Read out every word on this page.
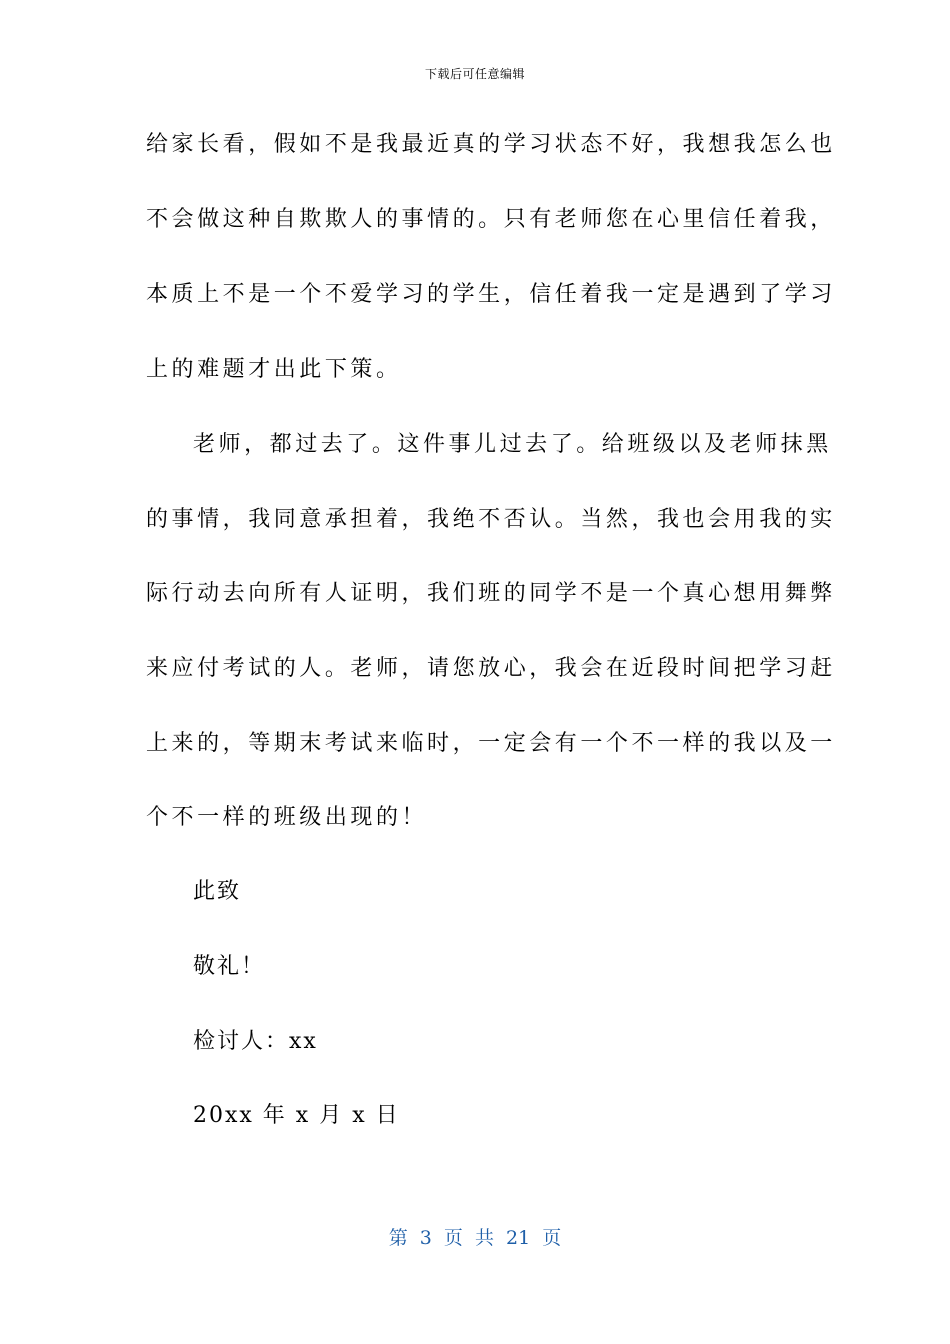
下载后可任意编辑
给家长看，假如不是我最近真的学习状态不好，我想我怎么也
不会做这种自欺欺人的事情的。只有老师您在心里信任着我，
本质上不是一个不爱学习的学生，信任着我一定是遇到了学习
上的难题才出此下策。
老师，都过去了。这件事儿过去了。给班级以及老师抹黑
的事情，我同意承担着，我绝不否认。当然，我也会用我的实
际行动去向所有人证明，我们班的同学不是一个真心想用舞弊
来应付考试的人。老师，请您放心，我会在近段时间把学习赶
上来的，等期末考试来临时，一定会有一个不一样的我以及一
个不一样的班级出现的！
此致
敬礼！
检讨人：xx
20xx 年 x 月 x 日
第 3 页 共 21 页
